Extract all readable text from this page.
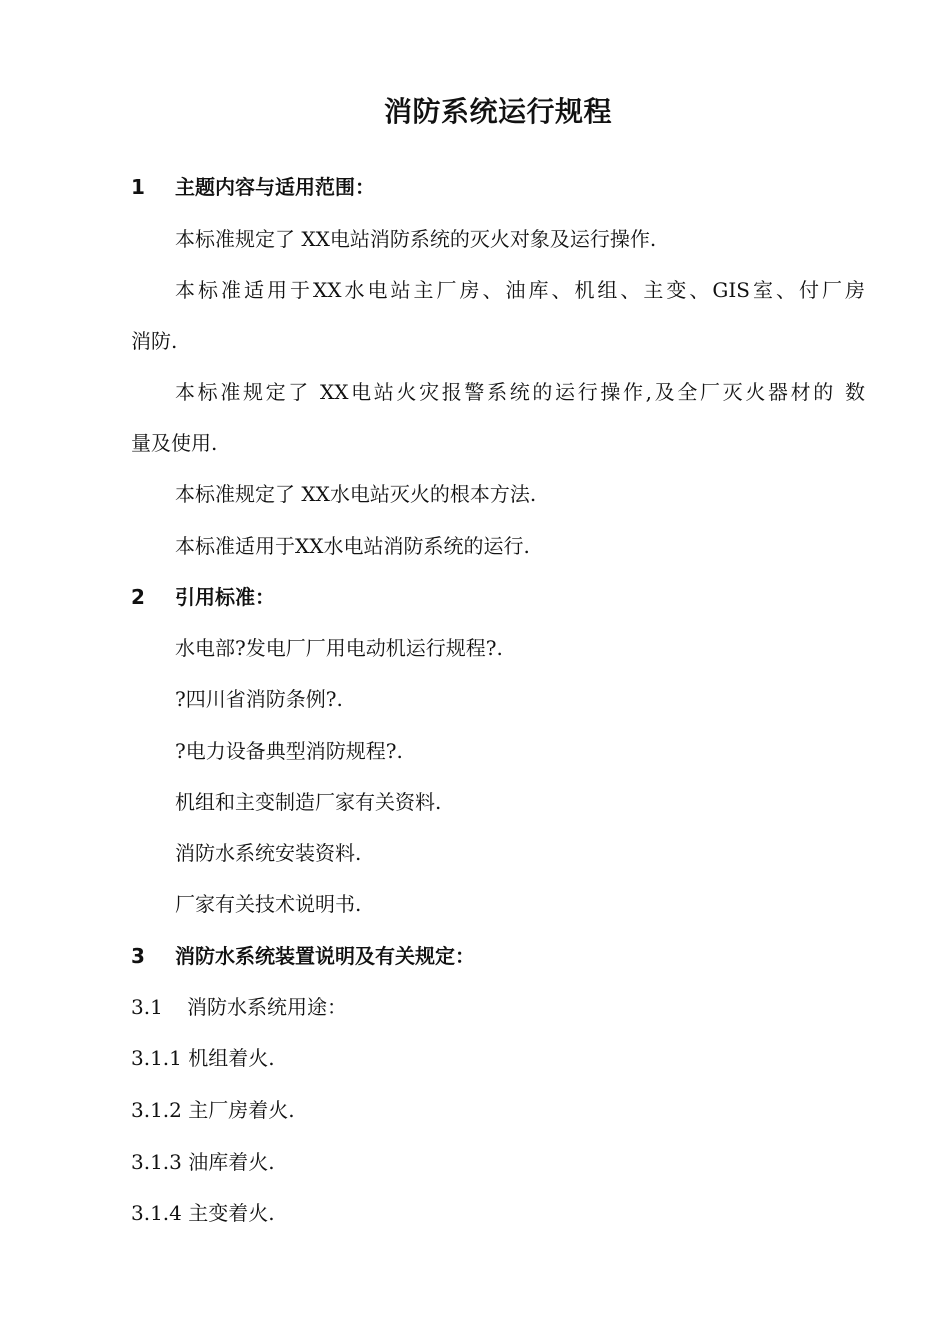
消防系统运行规程
1 主题内容与适用范围：
本标准规定了 XX电站消防系统的灭火对象及运行操作.
本标准适用于XX水电站主厂房、油库、机组、主变、GIS室、付厂房
消防.
本标准规定了 XX电站火灾报警系统的运行操作,及全厂灭火器材的 数
量及使用.
本标准规定了 XX水电站灭火的根本方法.
本标准适用于XX水电站消防系统的运行.
2 引用标准：
水电部?发电厂厂用电动机运行规程?.
?四川省消防条例?.
?电力设备典型消防规程?.
机组和主变制造厂家有关资料.
消防水系统安装资料.
厂家有关技术说明书.
3 消防水系统装置说明及有关规定：
3.1 消防水系统用途：
3.1.1 机组着火.
3.1.2 主厂房着火.
3.1.3 油库着火.
3.1.4 主变着火.
